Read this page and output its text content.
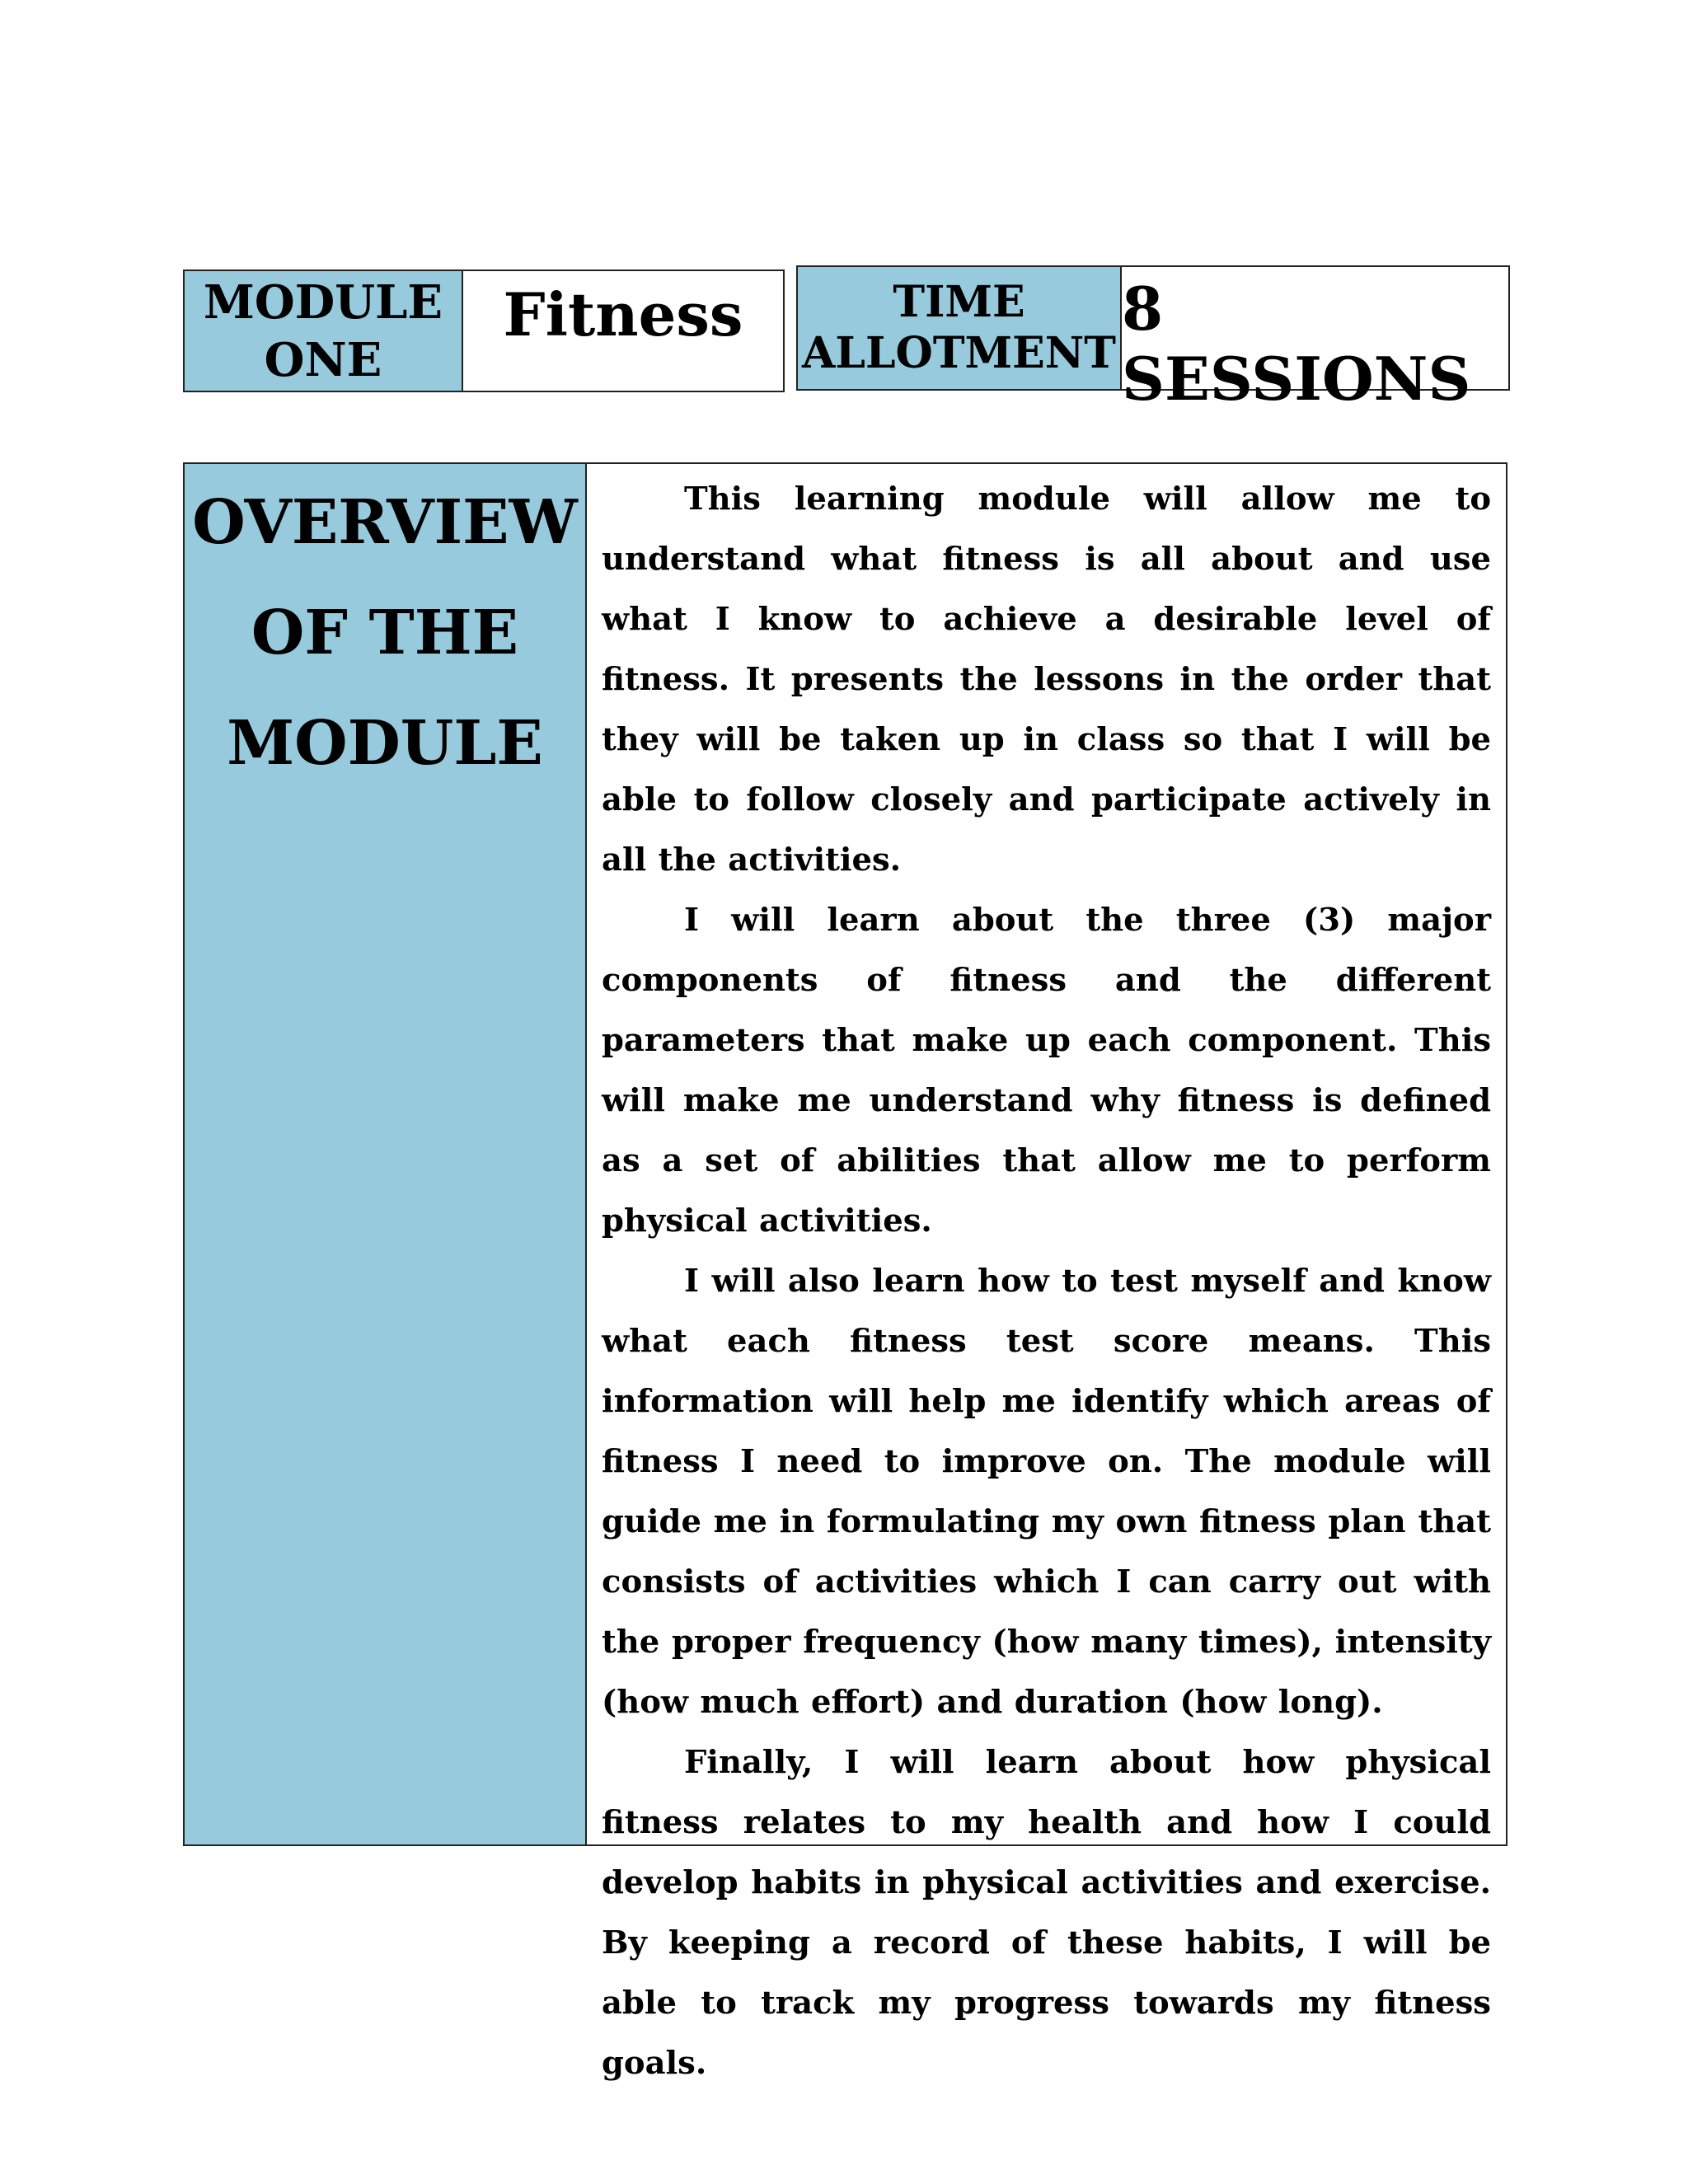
MODULE
ONE
Fitness	TIME
ALLOTMENT
8 SESSIONS
OVERVIEW
OF THE
MODULE

This learning module will allow me to understand what fitness is all about and use what I know to achieve a desirable level of fitness. It presents the lessons in the order that they will be taken up in class so that I will be able to follow closely and participate actively in all the activities.

I will learn about the three (3) major components of fitness and the different parameters that make up each component. This will make me understand why fitness is defined as a set of abilities that allow me to perform physical activities.

I will also learn how to test myself and know what each fitness test score means. This information will help me identify which areas of fitness I need to improve on. The module will guide me in formulating my own fitness plan that consists of activities which I can carry out with the proper frequency (how many times), intensity (how much effort) and duration (how long).

Finally, I will learn about how physical fitness relates to my health and how I could develop habits in physical activities and exercise. By keeping a record of these habits, I will be able to track my progress towards my fitness goals.
